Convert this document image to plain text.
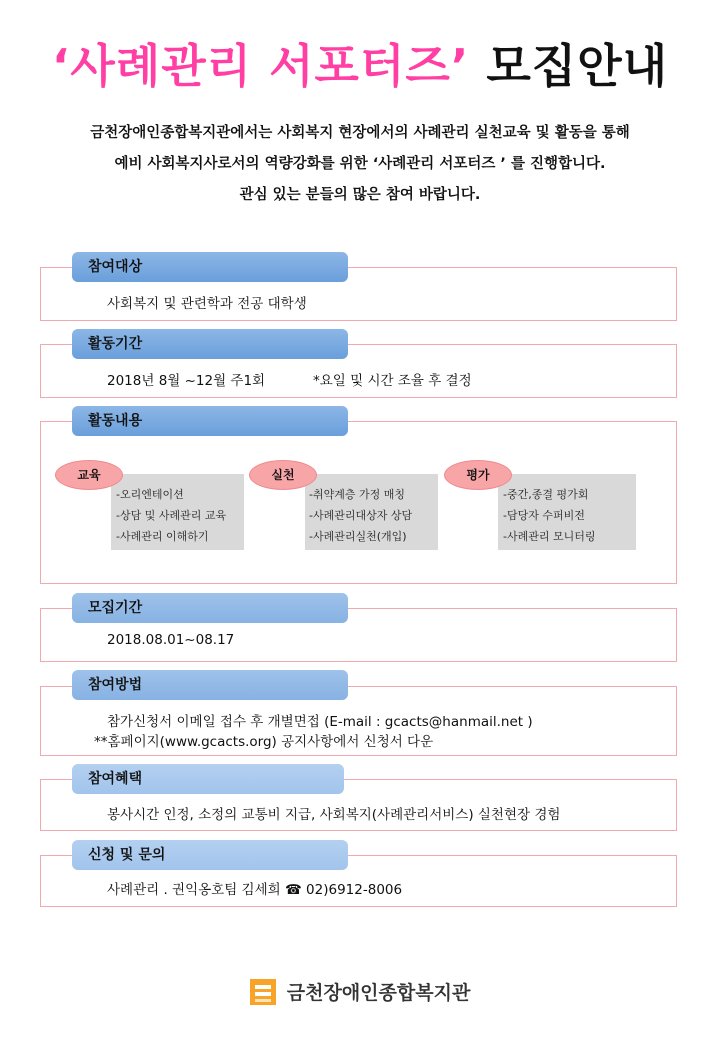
‘사례관리 서포터즈’ 모집안내
금천장애인종합복지관에서는 사회복지 현장에서의 사례관리 실천교육 및 활동을 통해
예비 사회복지사로서의 역량강화를 위한 ‘사례관리 서포터즈 ’ 를 진행합니다.
관심 있는 분들의 많은 참여 바랍니다.
참여대상
사회복지 및 관련학과 전공 대학생
활동기간
2018년 8월 ~12월 주1회	*요일 및 시간 조율 후 결정
활동내용
-오리엔테이션
-상담 및 사례관리 교육
-사례관리 이해하기
교육
-취약계층 가정 매칭
-사례관리대상자 상담
-사례관리실천(개입)
실천
-중간,종결 평가회
-담당자 수퍼비전
-사례관리 모니터링
평가
모집기간
2018.08.01~08.17
참여방법
참가신청서 이메일 접수 후 개별면접 (E-mail : gcacts@hanmail.net )
**홈페이지(www.gcacts.org) 공지사항에서 신청서 다운
참여혜택
봉사시간 인정, 소정의 교통비 지급, 사회복지(사례관리서비스) 실천현장 경험
신청 및 문의
사례관리 . 권익옹호팀 김세희 ☎ 02)6912-8006
금천장애인종합복지관
